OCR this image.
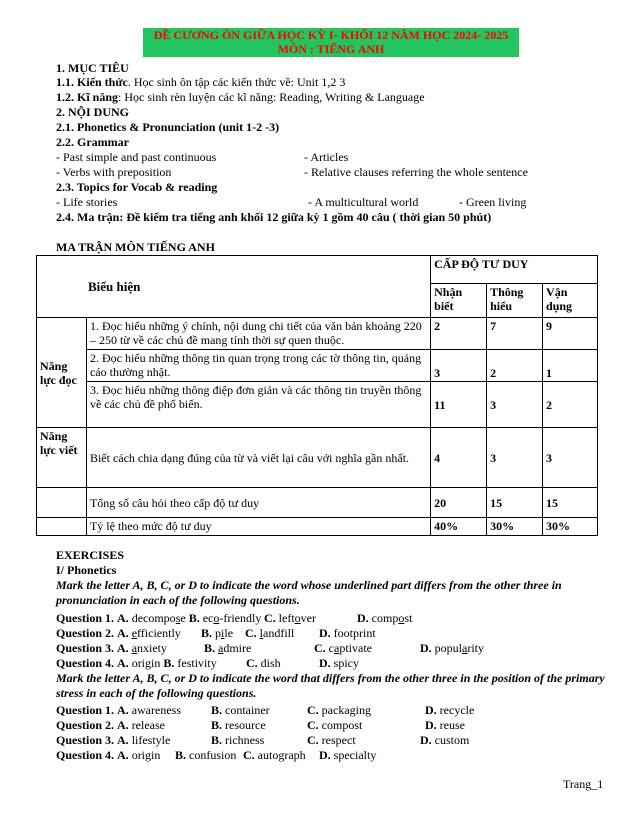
ĐỀ CƯƠNG ÔN GIỮA HỌC KỲ I- KHỐI 12 NĂM HỌC 2024- 2025
MÔN : TIẾNG ANH
1. MỤC TIÊU
1.1. Kiến thức. Học sinh ôn tập các kiến thức về: Unit 1,2 3
1.2. Kĩ năng: Học sinh rèn luyện các kĩ năng: Reading, Writing & Language
2. NỘI DUNG
2.1. Phonetics & Pronunciation (unit 1-2 -3)
2.2. Grammar
- Past simple and past continuous	- Articles
- Verbs with preposition	- Relative clauses referring the whole sentence
2.3. Topics for Vocab & reading
- Life stories	- A multicultural world	- Green living
2.4. Ma trận: Đề kiểm tra tiếng anh khối 12 giữa kỳ 1 gồm 40 câu ( thời gian 50 phút)
MA TRẬN MÔN TIẾNG ANH
Biểu hiện		CẤP ĐỘ TƯ DUY		
		Nhận biết	Thông hiểu	Vận dụng
Năng lực đọc	1. Đọc hiểu những ý chính, nội dung chi tiết của văn bản khoảng 220 – 250 từ về các chủ đề mang tính thời sự quen thuộc.	2	7	9
	2. Đọc hiểu những thông tin quan trọng trong các tờ thông tin, quảng cáo thường nhật.	3	2	1
	3. Đọc hiểu những thông điệp đơn giản và các thông tin truyền thông về các chủ đề phổ biến.	11	3	2
Năng lực viết	Biết cách chia dạng đúng của từ và viết lại câu với nghĩa gần nhất.	4	3	3
	Tổng số câu hỏi theo cấp độ tư duy	20	15	15
	Tỷ lệ theo mức độ tư duy	40%	30%	30%
EXERCISES
I/ Phonetics
Mark the letter A, B, C, or D to indicate the word whose underlined part differs from the other three in pronunciation in each of the following questions.
Question 1. A. decompose B. eco-friendly C. leftover	D. compost
Question 2. A. efficiently B. pile C. landfill D. footprint
Question 3. A. anxiety	B. admire	C. captivate	D. popularity
Question 4. A. origin B. festivity C. dish	D. spicy
Mark the letter A, B, C, or D to indicate the word that differs from the other three in the position of the primary stress in each of the following questions.
Question 1. A. awareness	B. container	C. packaging	D. recycle
Question 2. A. release	B. resource	C. compost	D. reuse
Question 3. A. lifestyle	B. richness	C. respect	D. custom
Question 4. A. origin B. confusion C. autograph D. specialty
Trang_1
